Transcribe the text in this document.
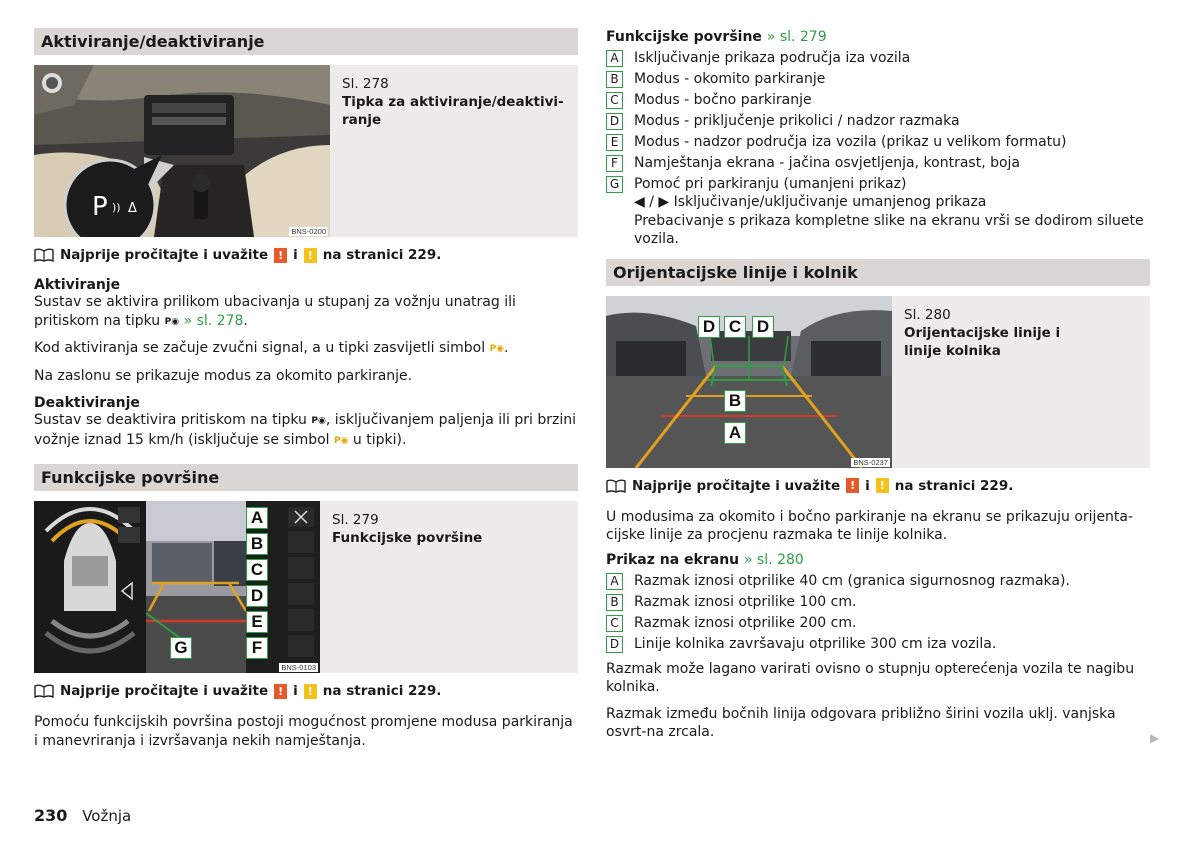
Aktiviranje/deaktiviranje
P )) Δ
BNS-0200
Sl. 278
Tipka za aktiviranje/deaktivi-
ranje
Najprije pročitajte i uvažite ! i ! na stranici 229.
Aktiviranje

Sustav se aktivira prilikom ubacivanja u stupanj za vožnju unatrag ili pritiskom na tipku P◉ » sl. 278.

Kod aktiviranja se začuje zvučni signal, a u tipki zasvijetli simbol P◉.

Na zaslonu se prikazuje modus za okomito parkiranje.

Deaktiviranje

Sustav se deaktivira pritiskom na tipku P◉, isključivanjem paljenja ili pri brzini vožnje iznad 15 km/h (isključuje se simbol P◉ u tipki).

Funkcijske površine
A
B
C
D
E
F
G
BNS-0103
Sl. 279
Funkcijske površine
Najprije pročitajte i uvažite ! i ! na stranici 229.

Pomoću funkcijskih površina postoji mogućnost promjene modusa parkiranja i manevriranja i izvršavanja nekih namještanja.

Funkcijske površine » sl. 279
A	Isključivanje prikaza područja iza vozila
B	Modus - okomito parkiranje
C	Modus - bočno parkiranje
D Modus - priključenje prikolici / nadzor razmaka
E	Modus - nadzor područja iza vozila (prikaz u velikom formatu)
F	Namještanja ekrana - jačina osvjetljenja, kontrast, boja
G Pomoć pri parkiranju (umanjeni prikaz)
◀ / ▶ Isključivanje/uključivanje umanjenog prikaza
Prebacivanje s prikaza kompletne slike na ekranu vrši se dodirom siluete vozila.
Orijentacijske linije i kolnik
D C D
B
A
BNS-0237
Sl. 280
Orijentacijske linije i linije kolnika
Najprije pročitajte i uvažite ! i ! na stranici 229.

U modusima za okomito i bočno parkiranje na ekranu se prikazuju orijenta-cijske linije za procjenu razmaka te linije kolnika.

Prikaz na ekranu » sl. 280
A	Razmak iznosi otprilike 40 cm (granica sigurnosnog razmaka).
B	Razmak iznosi otprilike 100 cm.
C	Razmak iznosi otprilike 200 cm.
D Linije kolnika završavaju otprilike 300 cm iza vozila.

Razmak može lagano varirati ovisno o stupnju opterećenja vozila te nagibu kolnika.

Razmak između bočnih linija odgovara približno širini vozila uklj. vanjska osvrt-na zrcala.	▶
230 Vožnja
